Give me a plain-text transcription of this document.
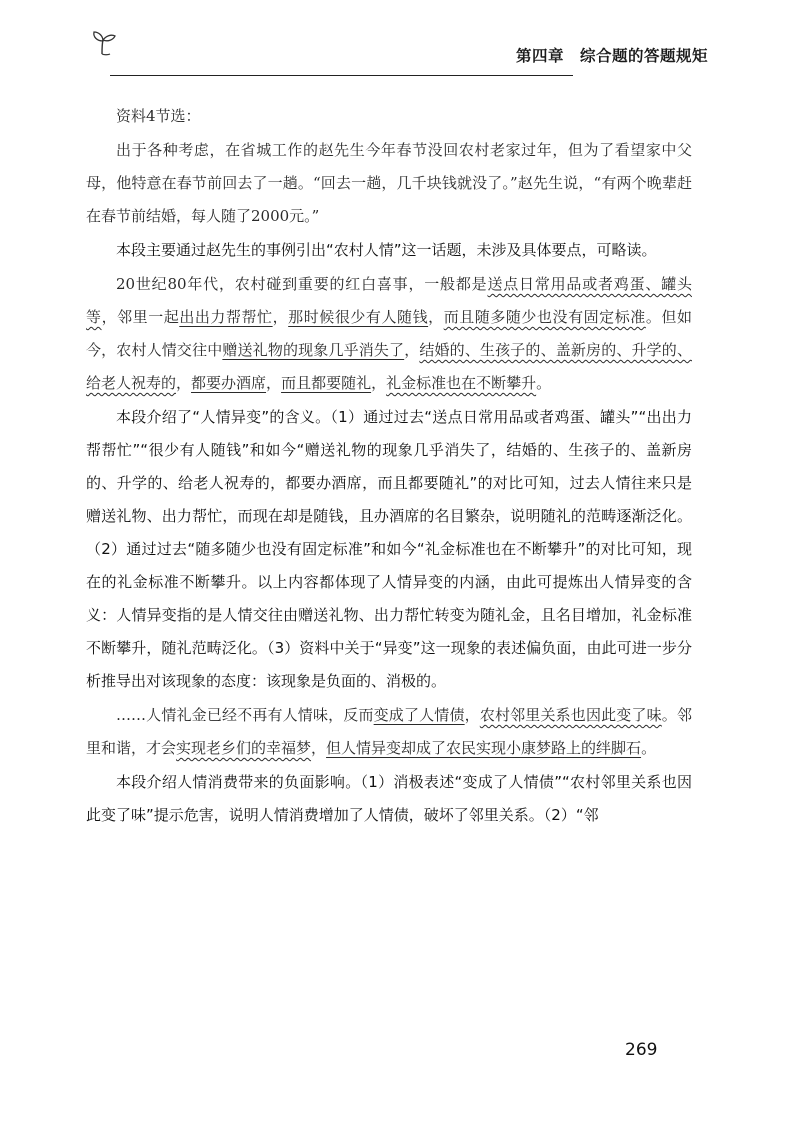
第四章 综合题的答题规矩

资料4节选：

出于各种考虑，在省城工作的赵先生今年春节没回农村老家过年，但为了看望家中父母，他特意在春节前回去了一趟。“回去一趟，几千块钱就没了。”赵先生说，“有两个晚辈赶在春节前结婚，每人随了2000元。”

本段主要通过赵先生的事例引出“农村人情”这一话题，未涉及具体要点，可略读。

20世纪80年代，农村碰到重要的红白喜事，一般都是送点日常用品或者鸡蛋、罐头等，邻里一起出出力帮帮忙，那时候很少有人随钱，而且随多随少也没有固定标准。但如今，农村人情交往中赠送礼物的现象几乎消失了，结婚的、生孩子的、盖新房的、升学的、给老人祝寿的，都要办酒席，而且都要随礼，礼金标准也在不断攀升。

本段介绍了“人情异变”的含义。（1）通过过去“送点日常用品或者鸡蛋、罐头”“出出力帮帮忙”“很少有人随钱”和如今“赠送礼物的现象几乎消失了，结婚的、生孩子的、盖新房的、升学的、给老人祝寿的，都要办酒席，而且都要随礼”的对比可知，过去人情往来只是赠送礼物、出力帮忙，而现在却是随钱，且办酒席的名目繁杂，说明随礼的范畴逐渐泛化。（2）通过过去“随多随少也没有固定标准”和如今“礼金标准也在不断攀升”的对比可知，现在的礼金标准不断攀升。以上内容都体现了人情异变的内涵，由此可提炼出人情异变的含义：人情异变指的是人情交往由赠送礼物、出力帮忙转变为随礼金，且名目增加，礼金标准不断攀升，随礼范畴泛化。（3）资料中关于“异变”这一现象的表述偏负面，由此可进一步分析推导出对该现象的态度：该现象是负面的、消极的。

……人情礼金已经不再有人情味，反而变成了人情债，农村邻里关系也因此变了味。邻里和谐，才会实现老乡们的幸福梦，但人情异变却成了农民实现小康梦路上的绊脚石。

本段介绍人情消费带来的负面影响。（1）消极表述“变成了人情债”“农村邻里关系也因此变了味”提示危害，说明人情消费增加了人情债，破坏了邻里关系。（2）“邻

269
